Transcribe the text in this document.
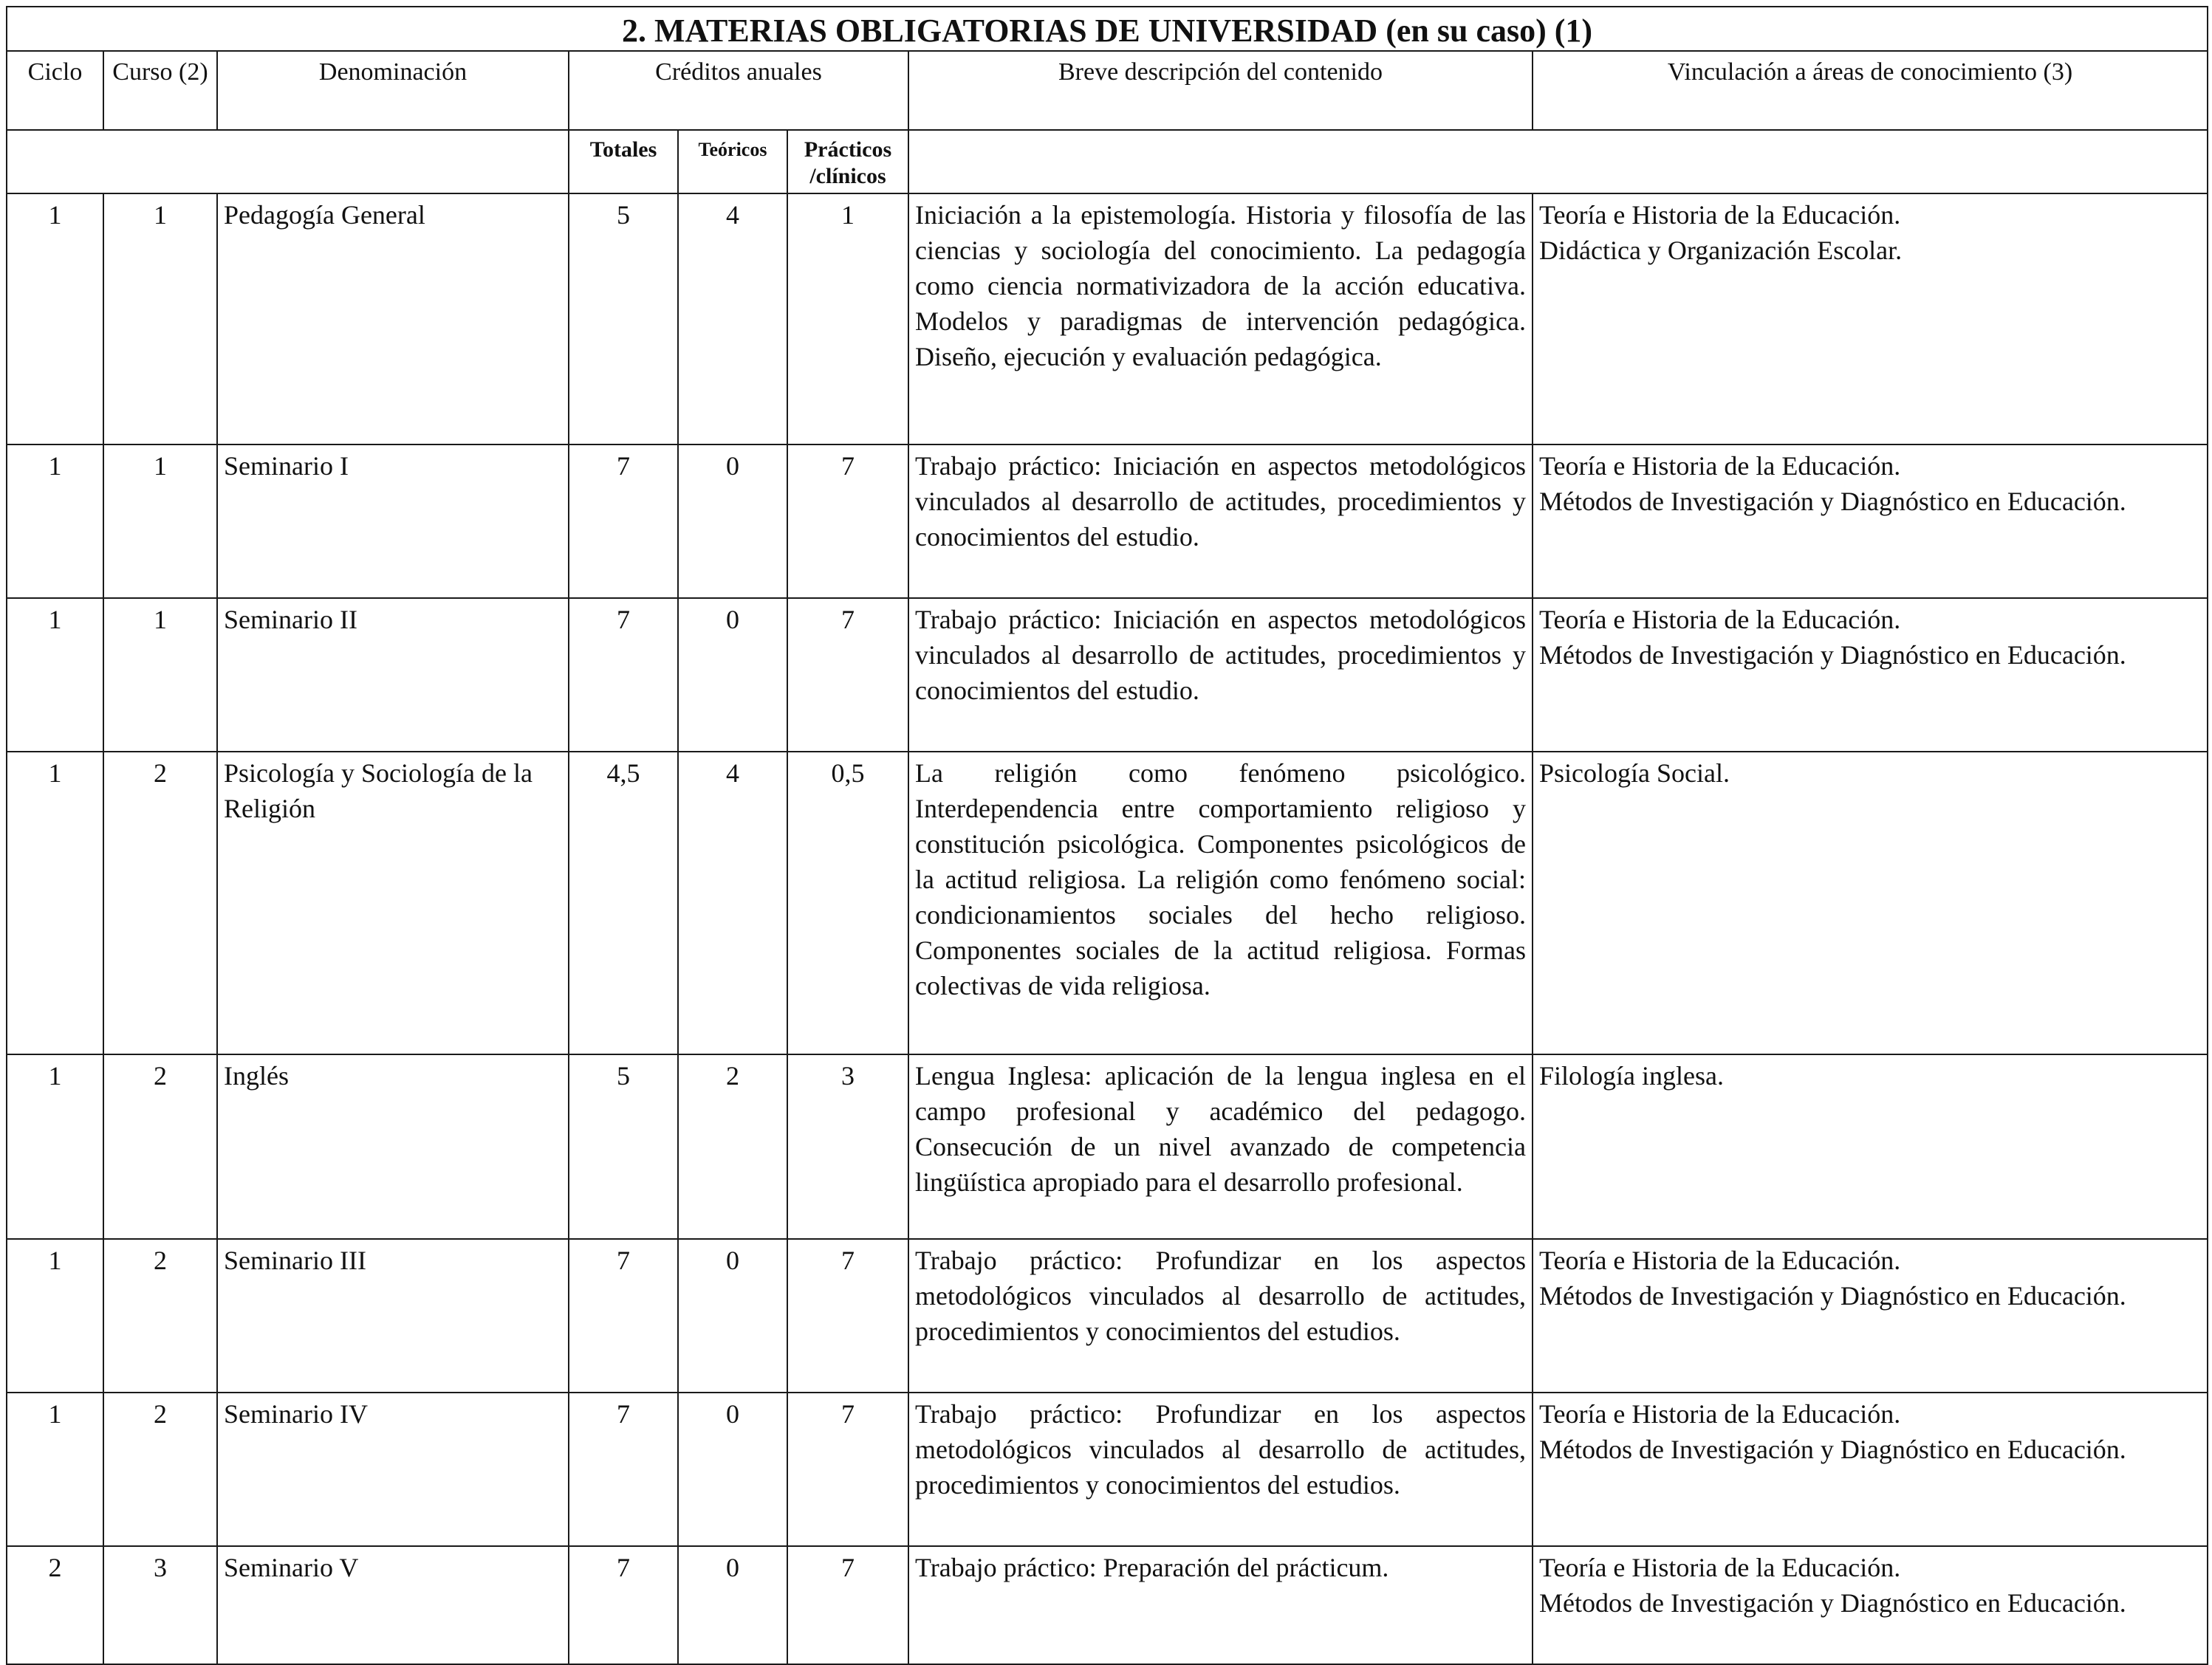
2. MATERIAS OBLIGATORIAS DE UNIVERSIDAD (en su caso) (1)							
Ciclo	Curso (2)	Denominación	Créditos anuales			Breve descripción del contenido	Vinculación a áreas de conocimiento (3)
			Totales	Teóricos	Prácticos /clínicos		
1	1	Pedagogía General	5	4	1	Iniciación a la epistemología. Historia y filosofía de las ciencias y sociología del conocimiento. La pedagogía como ciencia normativizadora de la acción educativa. Modelos y paradigmas de intervención pedagógica. Diseño, ejecución y evaluación pedagógica.	Teoría e Historia de la Educación.
Didáctica y Organización Escolar.

1	1	Seminario I	7	0	7	Trabajo práctico: Iniciación en aspectos metodológicos vinculados al desarrollo de actitudes, procedimientos y conocimientos del estudio.	Teoría e Historia de la Educación.
Métodos de Investigación y Diagnóstico en Educación.

1	1	Seminario II	7	0	7	Trabajo práctico: Iniciación en aspectos metodológicos vinculados al desarrollo de actitudes, procedimientos y conocimientos del estudio.	Teoría e Historia de la Educación.
Métodos de Investigación y Diagnóstico en Educación.

1	2	Psicología y Sociología de la Religión	4,5	4	0,5	La religión como fenómeno psicológico. Interdependencia entre comportamiento religioso y constitución psicológica. Componentes psicológicos de la actitud religiosa. La religión como fenómeno social: condicionamientos sociales del hecho religioso. Componentes sociales de la actitud religiosa. Formas colectivas de vida religiosa.	Psicología Social.

1	2	Inglés	5	2	3	Lengua Inglesa: aplicación de la lengua inglesa en el campo profesional y académico del pedagogo. Consecución de un nivel avanzado de competencia lingüística apropiado para el desarrollo profesional.	Filología inglesa.

1	2	Seminario III	7	0	7	Trabajo práctico: Profundizar en los aspectos metodológicos vinculados al desarrollo de actitudes, procedimientos y conocimientos del estudios.	Teoría e Historia de la Educación.
Métodos de Investigación y Diagnóstico en Educación.

1	2	Seminario IV	7	0	7	Trabajo práctico: Profundizar en los aspectos metodológicos vinculados al desarrollo de actitudes, procedimientos y conocimientos del estudios.	Teoría e Historia de la Educación.
Métodos de Investigación y Diagnóstico en Educación.

2	3	Seminario V	7	0	7	Trabajo práctico: Preparación del prácticum.	Teoría e Historia de la Educación.
Métodos de Investigación y Diagnóstico en Educación.
